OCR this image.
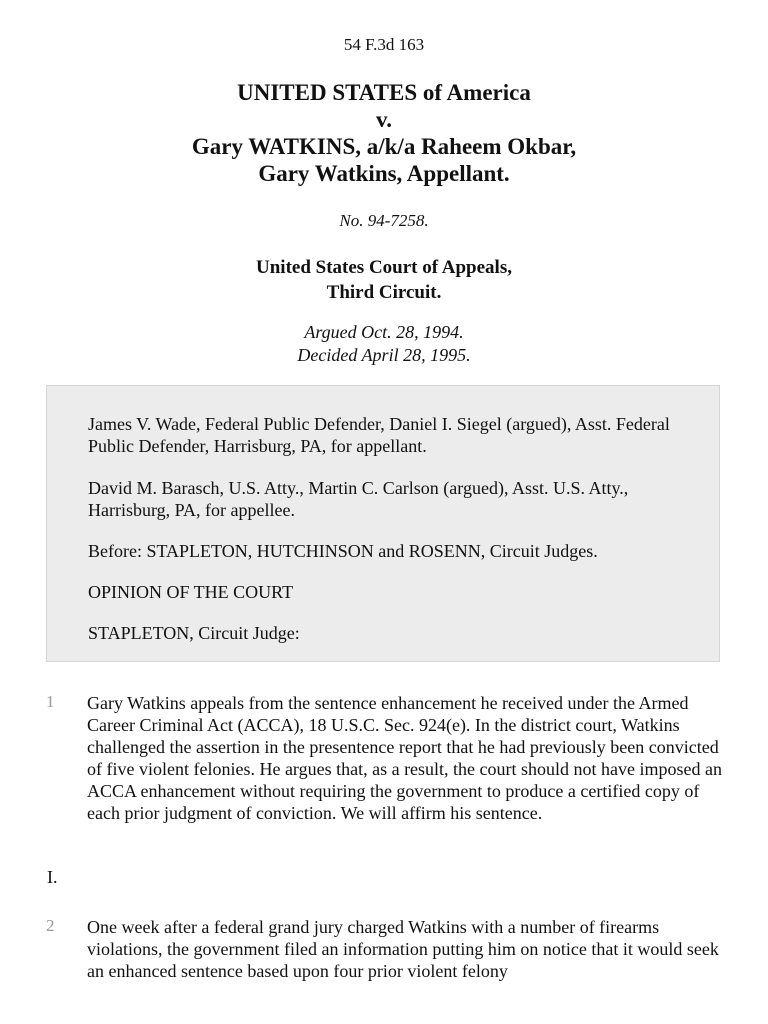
54 F.3d 163
UNITED STATES of America
v.
Gary WATKINS, a/k/a Raheem Okbar,
Gary Watkins, Appellant.
No. 94-7258.
United States Court of Appeals,
Third Circuit.
Argued Oct. 28, 1994.
Decided April 28, 1995.

James V. Wade, Federal Public Defender, Daniel I. Siegel (argued), Asst. Federal Public Defender, Harrisburg, PA, for appellant.

David M. Barasch, U.S. Atty., Martin C. Carlson (argued), Asst. U.S. Atty., Harrisburg, PA, for appellee.

Before: STAPLETON, HUTCHINSON and ROSENN, Circuit Judges.

OPINION OF THE COURT

STAPLETON, Circuit Judge:

1 Gary Watkins appeals from the sentence enhancement he received under the Armed Career Criminal Act (ACCA), 18 U.S.C. Sec. 924(e). In the district court, Watkins challenged the assertion in the presentence report that he had previously been convicted of five violent felonies. He argues that, as a result, the court should not have imposed an ACCA enhancement without requiring the government to produce a certified copy of each prior judgment of conviction. We will affirm his sentence.
I.
2 One week after a federal grand jury charged Watkins with a number of firearms violations, the government filed an information putting him on notice that it would seek an enhanced sentence based upon four prior violent felony
